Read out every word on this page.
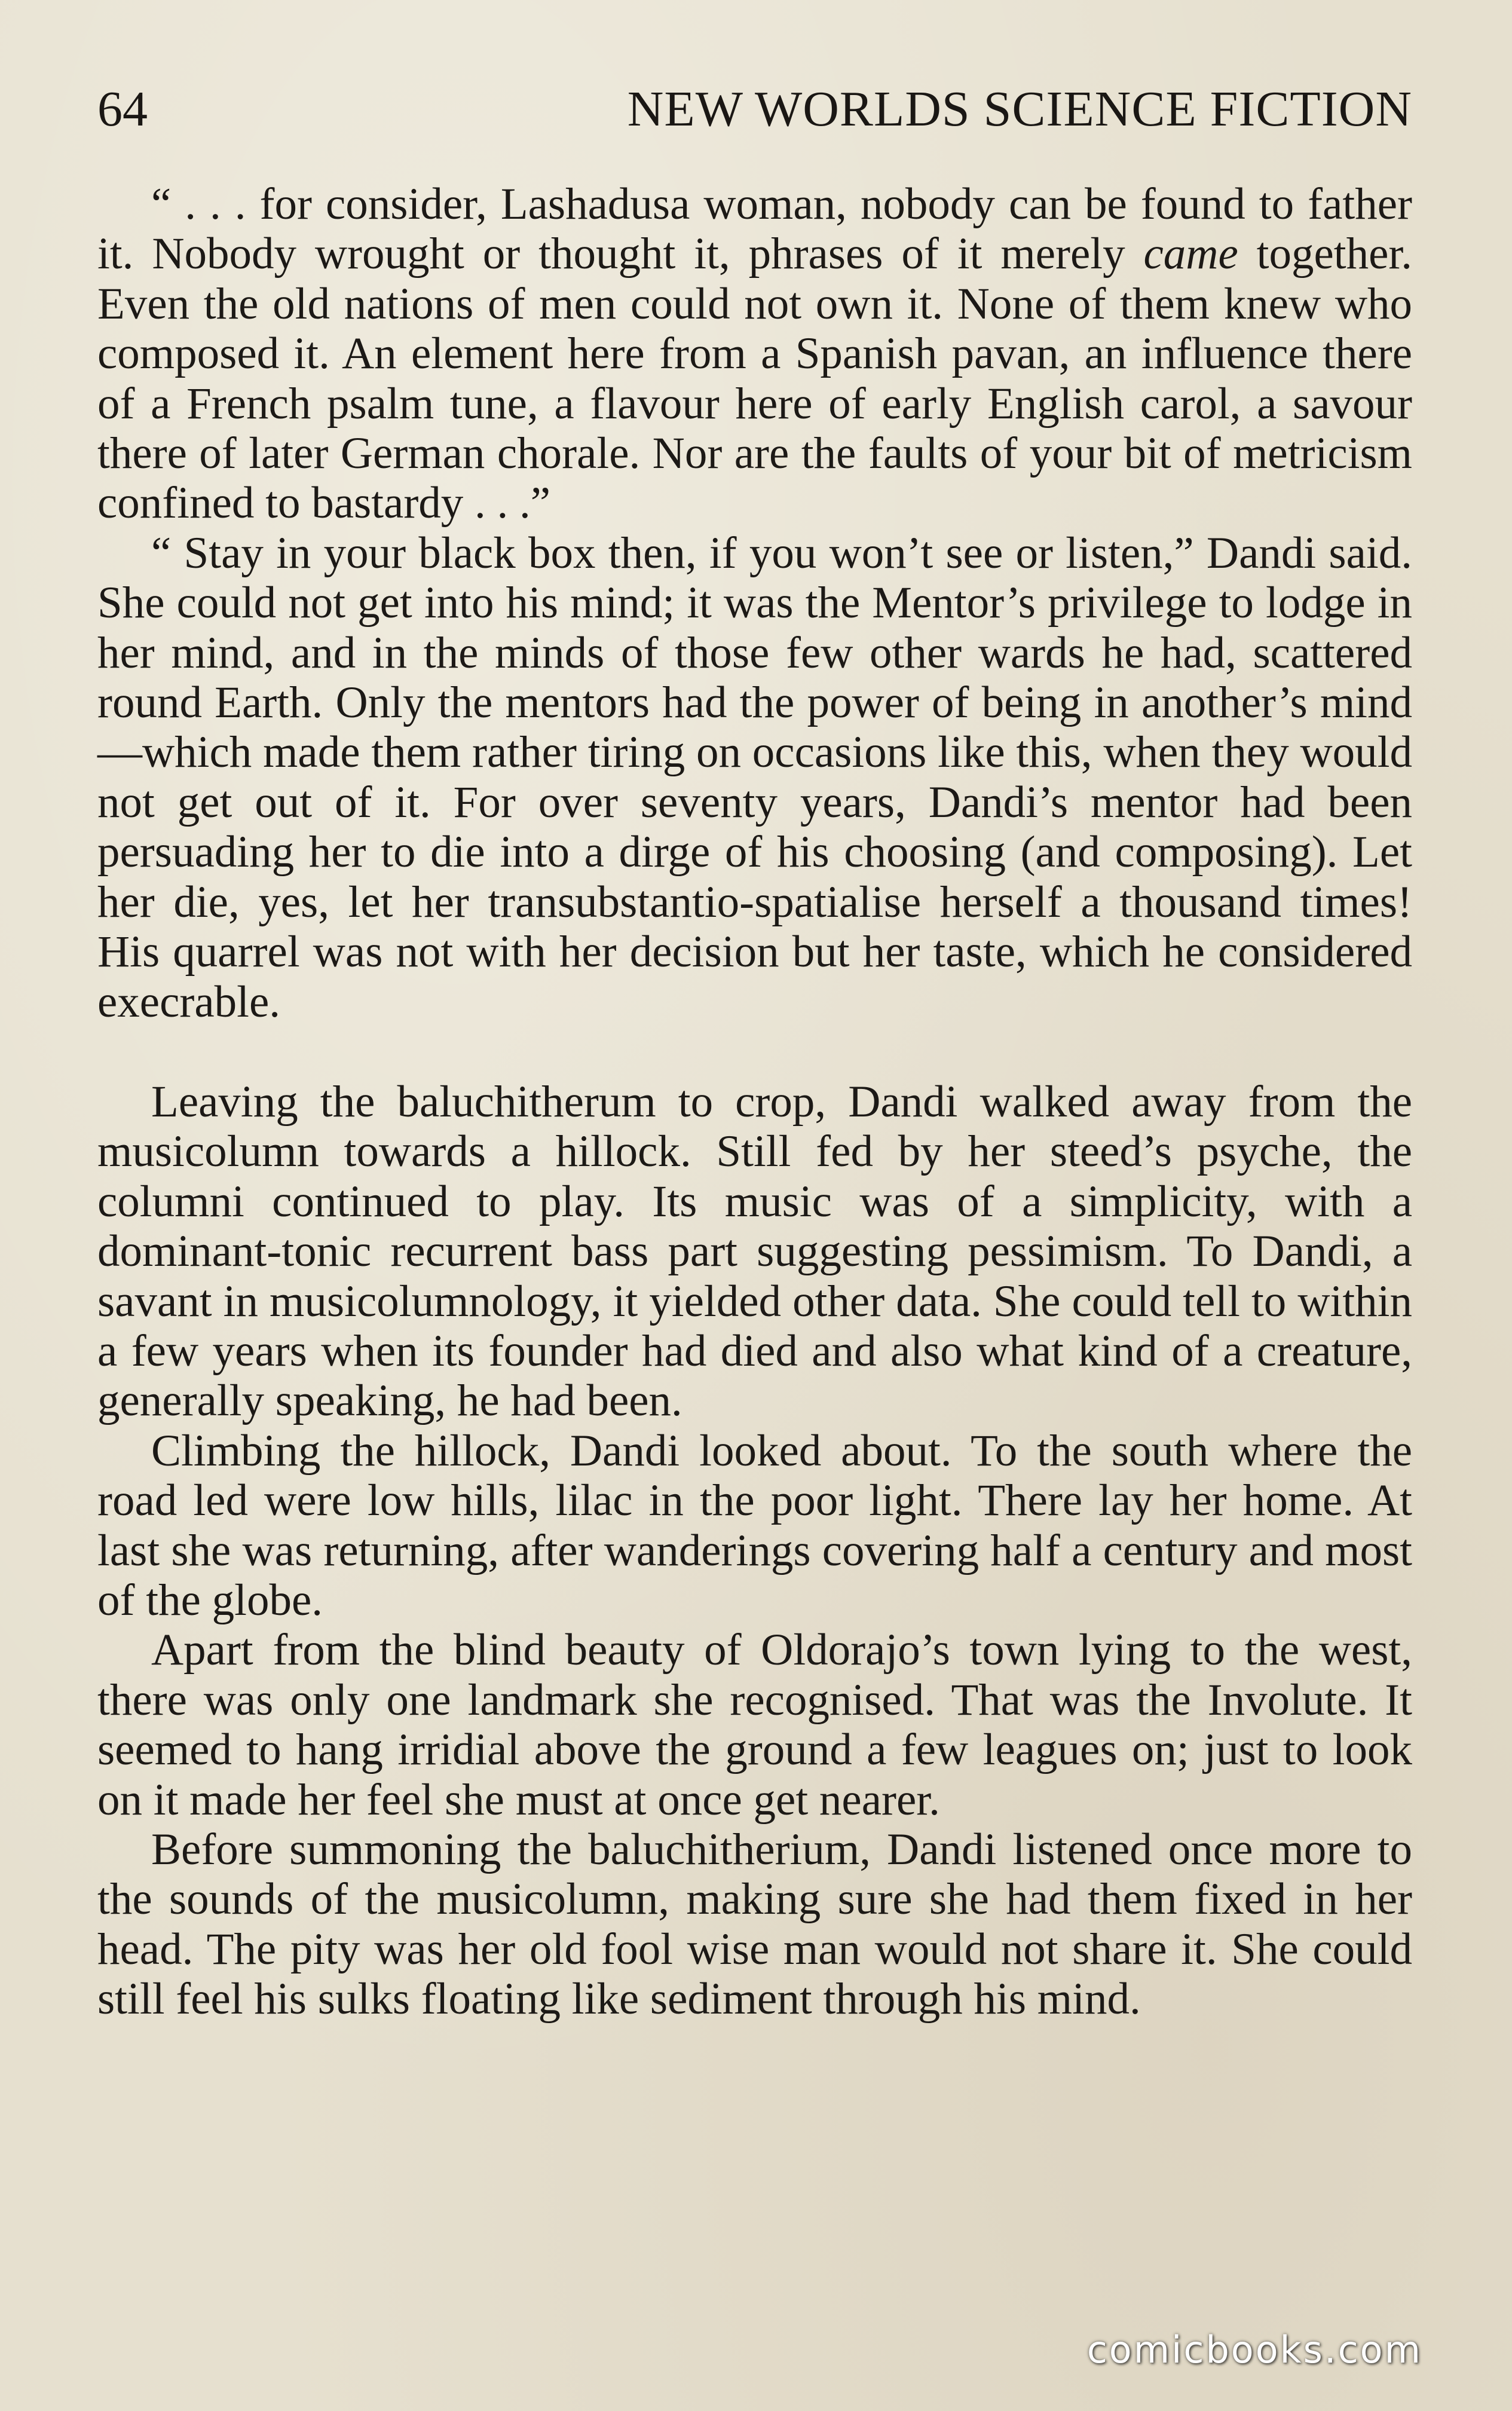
64	NEW WORLDS SCIENCE FICTION

“ . . . for consider, Lashadusa woman, nobody can be found to father it. Nobody wrought or thought it, phrases of it merely came together. Even the old nations of men could not own it. None of them knew who composed it. An element here from a Spanish pavan, an influence there of a French psalm tune, a flavour here of early English carol, a savour there of later German chorale. Nor are the faults of your bit of metricism confined to bastardy . . .”

“ Stay in your black box then, if you won’t see or listen,” Dandi said. She could not get into his mind; it was the Mentor’s privilege to lodge in her mind, and in the minds of those few other wards he had, scattered round Earth. Only the mentors had the power of being in another’s mind—which made them rather tiring on occasions like this, when they would not get out of it. For over seventy years, Dandi’s mentor had been persuading her to die into a dirge of his choosing (and composing). Let her die, yes, let her transubstantio-spatialise herself a thousand times! His quarrel was not with her decision but her taste, which he considered execrable.

Leaving the baluchitherum to crop, Dandi walked away from the musicolumn towards a hillock. Still fed by her steed’s psyche, the columni continued to play. Its music was of a simplicity, with a dominant-tonic recurrent bass part suggesting pessimism. To Dandi, a savant in musicolumnology, it yielded other data. She could tell to within a few years when its founder had died and also what kind of a creature, generally speaking, he had been.

Climbing the hillock, Dandi looked about. To the south where the road led were low hills, lilac in the poor light. There lay her home. At last she was returning, after wanderings covering half a century and most of the globe.

Apart from the blind beauty of Oldorajo’s town lying to the west, there was only one landmark she recognised. That was the Involute. It seemed to hang irridial above the ground a few leagues on; just to look on it made her feel she must at once get nearer.

Before summoning the baluchitherium, Dandi listened once more to the sounds of the musicolumn, making sure she had them fixed in her head. The pity was her old fool wise man would not share it. She could still feel his sulks floating like sediment through his mind.

comicbooks.com
